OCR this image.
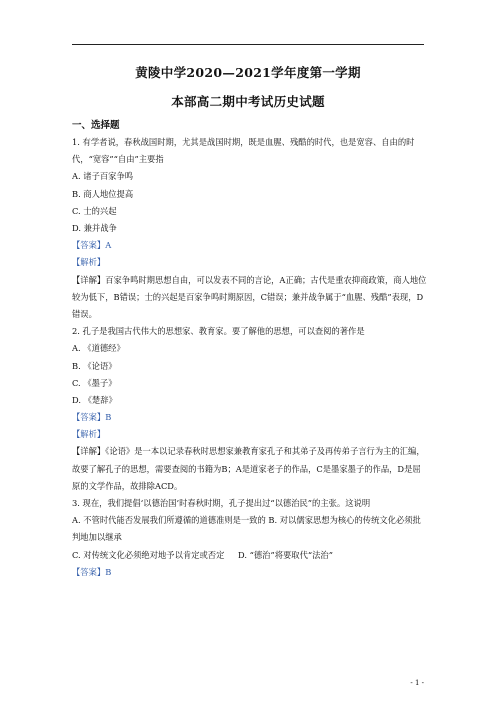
黄陵中学2020—2021学年度第一学期
本部高二期中考试历史试题
一、选择题
1. 有学者说，春秋战国时期，尤其是战国时期，既是血腥、残酷的时代，也是宽容、自由的时代，“宽容”“自由”主要指
A. 诸子百家争鸣
B. 商人地位提高
C. 士的兴起
D. 兼并战争
【答案】A
【解析】
【详解】百家争鸣时期思想自由，可以发表不同的言论，A正确；古代是重农抑商政策，商人地位较为低下，B错误；士的兴起是百家争鸣时期原因，C错误；兼并战争属于“血腥、残酷”表现，D错误。
2. 孔子是我国古代伟大的思想家、教育家。要了解他的思想，可以查阅的著作是
A. 《道德经》
B. 《论语》
C. 《墨子》
D. 《楚辞》
【答案】B
【解析】
【详解】《论语》是一本以记录春秋时思想家兼教育家孔子和其弟子及再传弟子言行为主的汇编，故要了解孔子的思想，需要查阅的书籍为B；A是道家老子的作品，C是墨家墨子的作品，D是屈原的文学作品，故排除ACD。
3. 现在，我们提倡‘以德治国’时春秋时期，孔子提出过“以德治民”的主张。这说明
A. 不管时代能否发展我们所遵循的道德准则是一致的 B. 对以儒家思想为核心的传统文化必须批判地加以继承
C. 对传统文化必须绝对地予以肯定或否定	D. “德治”将要取代“法治”
【答案】B
- 1 -
